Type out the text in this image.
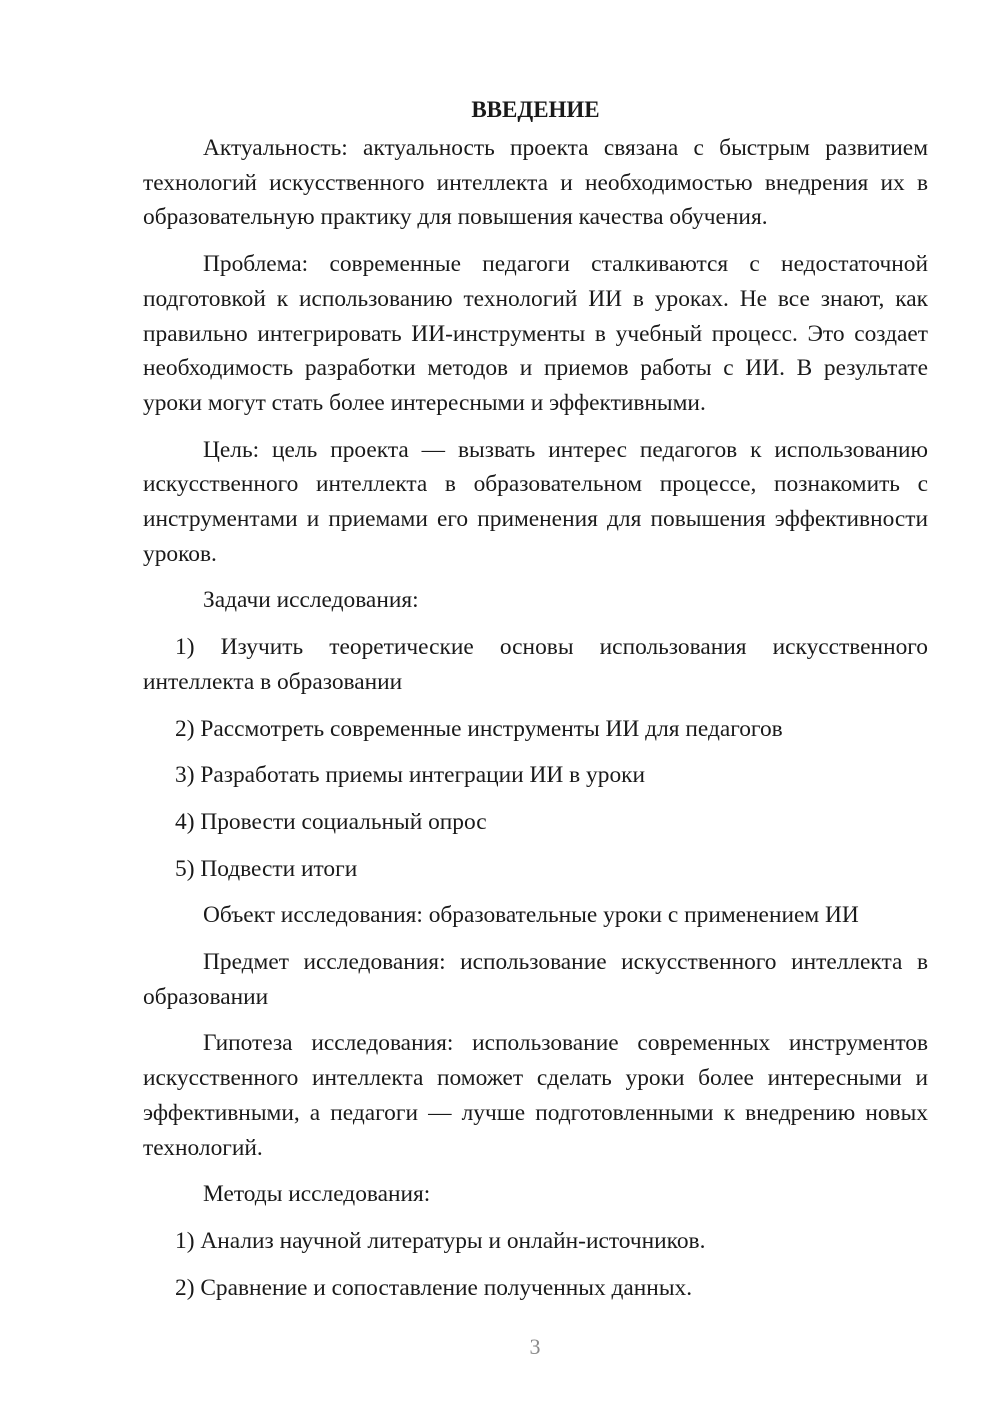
ВВЕДЕНИЕ

Актуальность: актуальность проекта связана с быстрым развитием технологий искусственного интеллекта и необходимостью внедрения их в образовательную практику для повышения качества обучения.

Проблема: современные педагоги сталкиваются с недостаточной подготовкой к использованию технологий ИИ в уроках. Не все знают, как правильно интегрировать ИИ-инструменты в учебный процесс. Это создает необходимость разработки методов и приемов работы с ИИ. В результате уроки могут стать более интересными и эффективными.

Цель: цель проекта — вызвать интерес педагогов к использованию искусственного интеллекта в образовательном процессе, познакомить с инструментами и приемами его применения для повышения эффективности уроков.

Задачи исследования:

1) Изучить теоретические основы использования искусственного интеллекта в образовании

2) Рассмотреть современные инструменты ИИ для педагогов

3) Разработать приемы интеграции ИИ в уроки

4) Провести социальный опрос

5) Подвести итоги

Объект исследования: образовательные уроки с применением ИИ

Предмет исследования: использование искусственного интеллекта в образовании

Гипотеза исследования: использование современных инструментов искусственного интеллекта поможет сделать уроки более интересными и эффективными, а педагоги — лучше подготовленными к внедрению новых технологий.

Методы исследования:

1) Анализ научной литературы и онлайн-источников.

2) Сравнение и сопоставление полученных данных.

3
